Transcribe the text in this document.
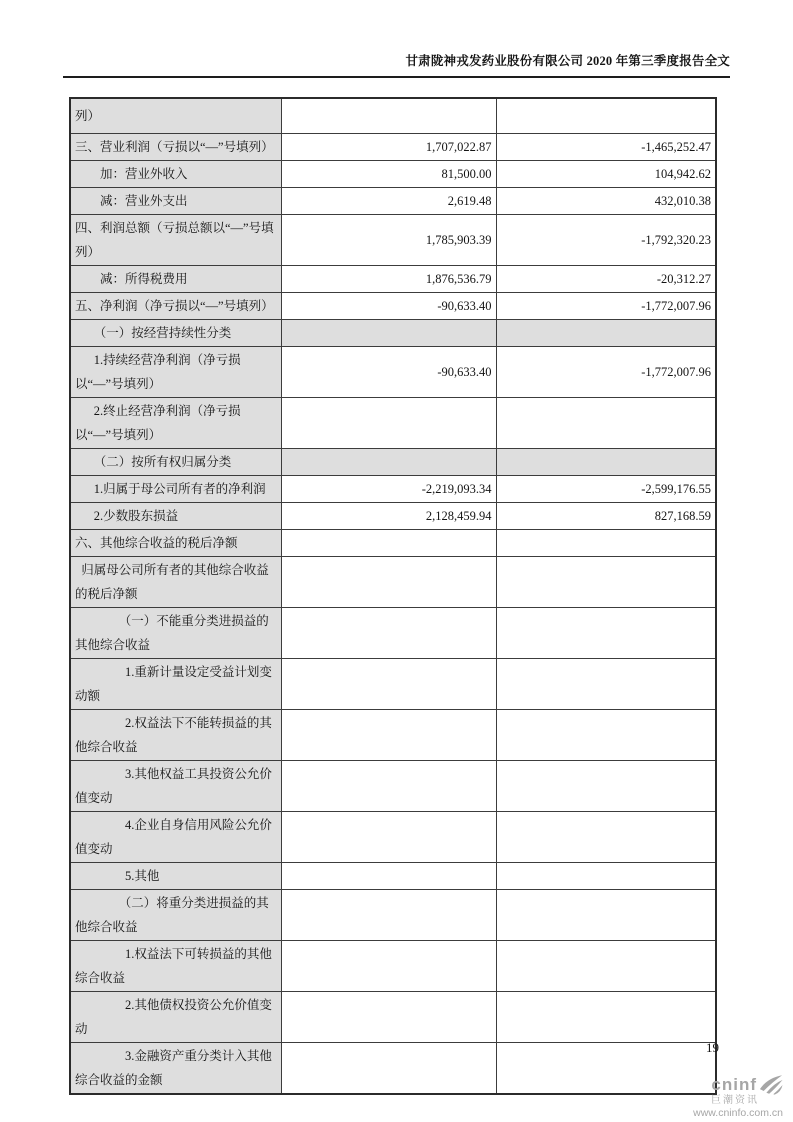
甘肃陇神戎发药业股份有限公司 2020 年第三季度报告全文
列）		
三、营业利润（亏损以“—”号填列）	1,707,022.87	-1,465,252.47
　　加：营业外收入	81,500.00	104,942.62
　　减：营业外支出	2,619.48	432,010.38
四、利润总额（亏损总额以“—”号填列）	1,785,903.39	-1,792,320.23
　　减：所得税费用	1,876,536.79	-20,312.27
五、净利润（净亏损以“—”号填列）	-90,633.40	-1,772,007.96
　　（一）按经营持续性分类		
　 1.持续经营净利润（净亏损以“—”号填列）	-90,633.40	-1,772,007.96
　 2.终止经营净利润（净亏损以“—”号填列）		
　　（二）按所有权归属分类		
　 1.归属于母公司所有者的净利润	-2,219,093.34	-2,599,176.55
　 2.少数股东损益	2,128,459.94	827,168.59
六、其他综合收益的税后净额		
 归属母公司所有者的其他综合收益的税后净额		
　　　 （一）不能重分类进损益的其他综合收益		
　　　　1.重新计量设定受益计划变动额		
　　　　2.权益法下不能转损益的其他综合收益		
　　　　3.其他权益工具投资公允价值变动		
　　　　4.企业自身信用风险公允价值变动		
　　　　5.其他		
　　　 （二）将重分类进损益的其他综合收益		
　　　　1.权益法下可转损益的其他综合收益		
　　　　2.其他债权投资公允价值变动		
　　　　3.金融资产重分类计入其他综合收益的金额		
19
cninf
巨潮资讯
www.cninfo.com.cn
